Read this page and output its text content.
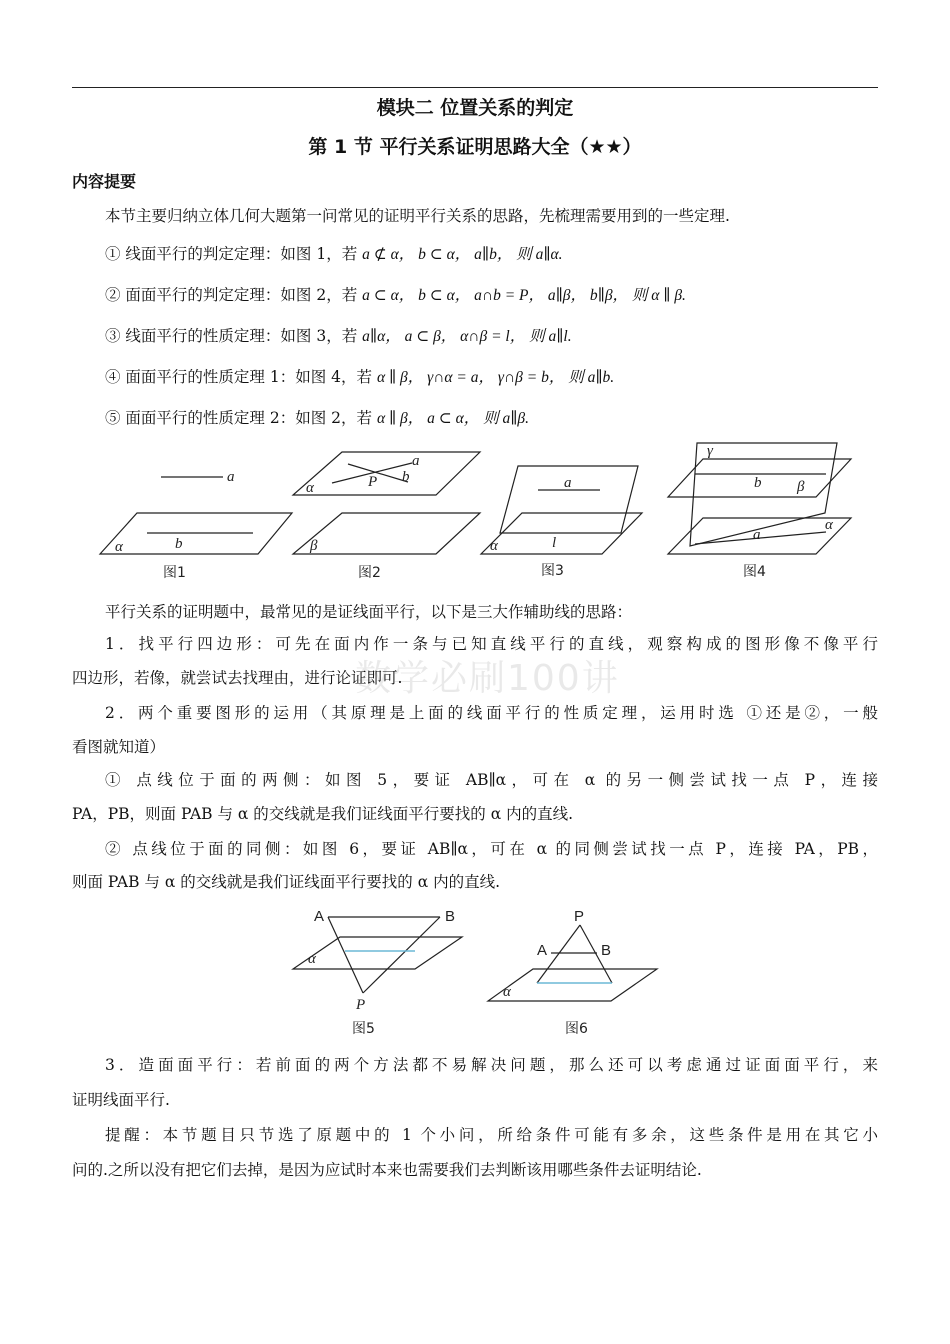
数学必刷100讲
模块二 位置关系的判定
第 1 节 平行关系证明思路大全（★★）
内容提要
本节主要归纳立体几何大题第一问常见的证明平行关系的思路，先梳理需要用到的一些定理.
① 线面平行的判定定理：如图 1，若 a ⊄ α， b ⊂ α， a∥b， 则 a∥α.
② 面面平行的判定定理：如图 2，若 a ⊂ α， b ⊂ α， a∩b = P， a∥β， b∥β， 则 α ∥ β.
③ 线面平行的性质定理：如图 3，若 a∥α， a ⊂ β， α∩β = l， 则 a∥l.
④ 面面平行的性质定理 1：如图 4，若 α ∥ β， γ∩α = a， γ∩β = b， 则 a∥b.
⑤ 面面平行的性质定理 2：如图 2，若 α ∥ β， a ⊂ α， 则 a∥β.
a
b
α
图1
a
b
P
α
β
图2
a
l
α
图3
γ
b β
α
a
图4
平行关系的证明题中，最常见的是证线面平行，以下是三大作辅助线的思路：
1．找平行四边形：可先在面内作一条与已知直线平行的直线，观察构成的图形像不像平行
四边形，若像，就尝试去找理由，进行论证即可.
2．两个重要图形的运用（其原理是上面的线面平行的性质定理，运用时选 ①还是②，一般
看图就知道）
① 点线位于面的两侧：如图 5，要证 AB∥α，可在 α 的另一侧尝试找一点 P，连接
PA，PB，则面 PAB 与 α 的交线就是我们证线面平行要找的 α 内的直线.
② 点线位于面的同侧：如图 6，要证 AB∥α，可在 α 的同侧尝试找一点 P，连接 PA，PB，
则面 PAB 与 α 的交线就是我们证线面平行要找的 α 内的直线.
A	B
α
P
图5
P
A	B
α
图6
3．造面面平行：若前面的两个方法都不易解决问题，那么还可以考虑通过证面面平行，来
证明线面平行.
提醒：本节题目只节选了原题中的 1 个小问，所给条件可能有多余，这些条件是用在其它小
问的.之所以没有把它们去掉，是因为应试时本来也需要我们去判断该用哪些条件去证明结论.
